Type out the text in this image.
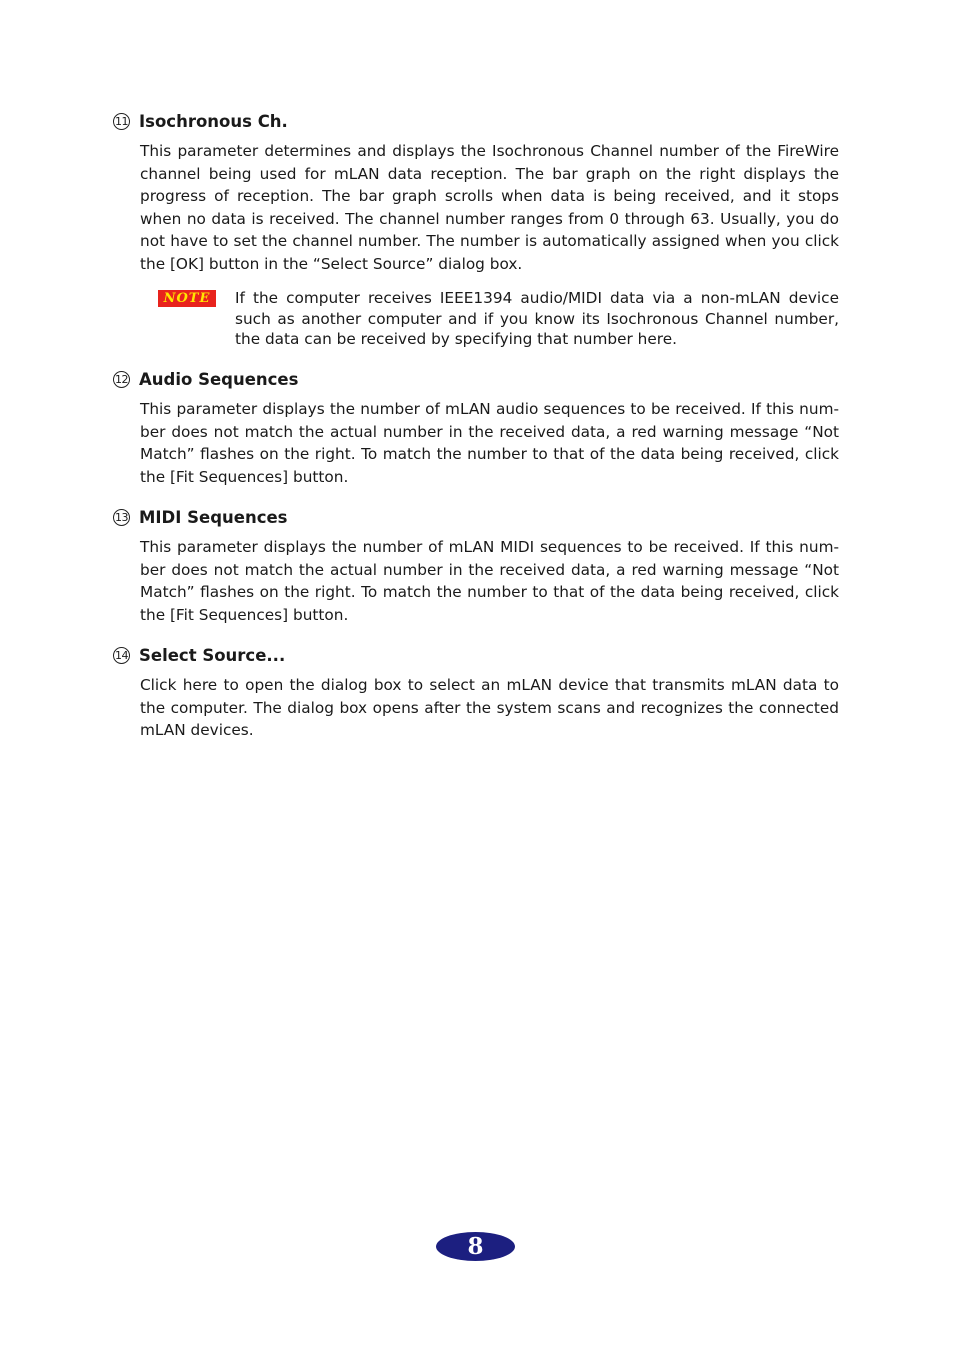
11 Isochronous Ch.
This parameter determines and displays the Isochronous Channel number of the FireWire channel being used for mLAN data reception. The bar graph on the right displays the progress of reception. The bar graph scrolls when data is being received, and it stops when no data is received. The channel number ranges from 0 through 63. Usually, you do not have to set the channel number. The number is automatically assigned when you click the [OK] button in the “Select Source” dialog box.
NOTE	If the computer receives IEEE1394 audio/MIDI data via a non-mLAN device such as another computer and if you know its Isochronous Channel number, the data can be received by specifying that number here.
12 Audio Sequences
This parameter displays the number of mLAN audio sequences to be received. If this num-ber does not match the actual number in the received data, a red warning message “Not Match” flashes on the right. To match the number to that of the data being received, click the [Fit Sequences] button.
13 MIDI Sequences
This parameter displays the number of mLAN MIDI sequences to be received. If this num-ber does not match the actual number in the received data, a red warning message “Not Match” flashes on the right. To match the number to that of the data being received, click the [Fit Sequences] button.
14 Select Source...
Click here to open the dialog box to select an mLAN device that transmits mLAN data to the computer. The dialog box opens after the system scans and recognizes the connected mLAN devices.
8
